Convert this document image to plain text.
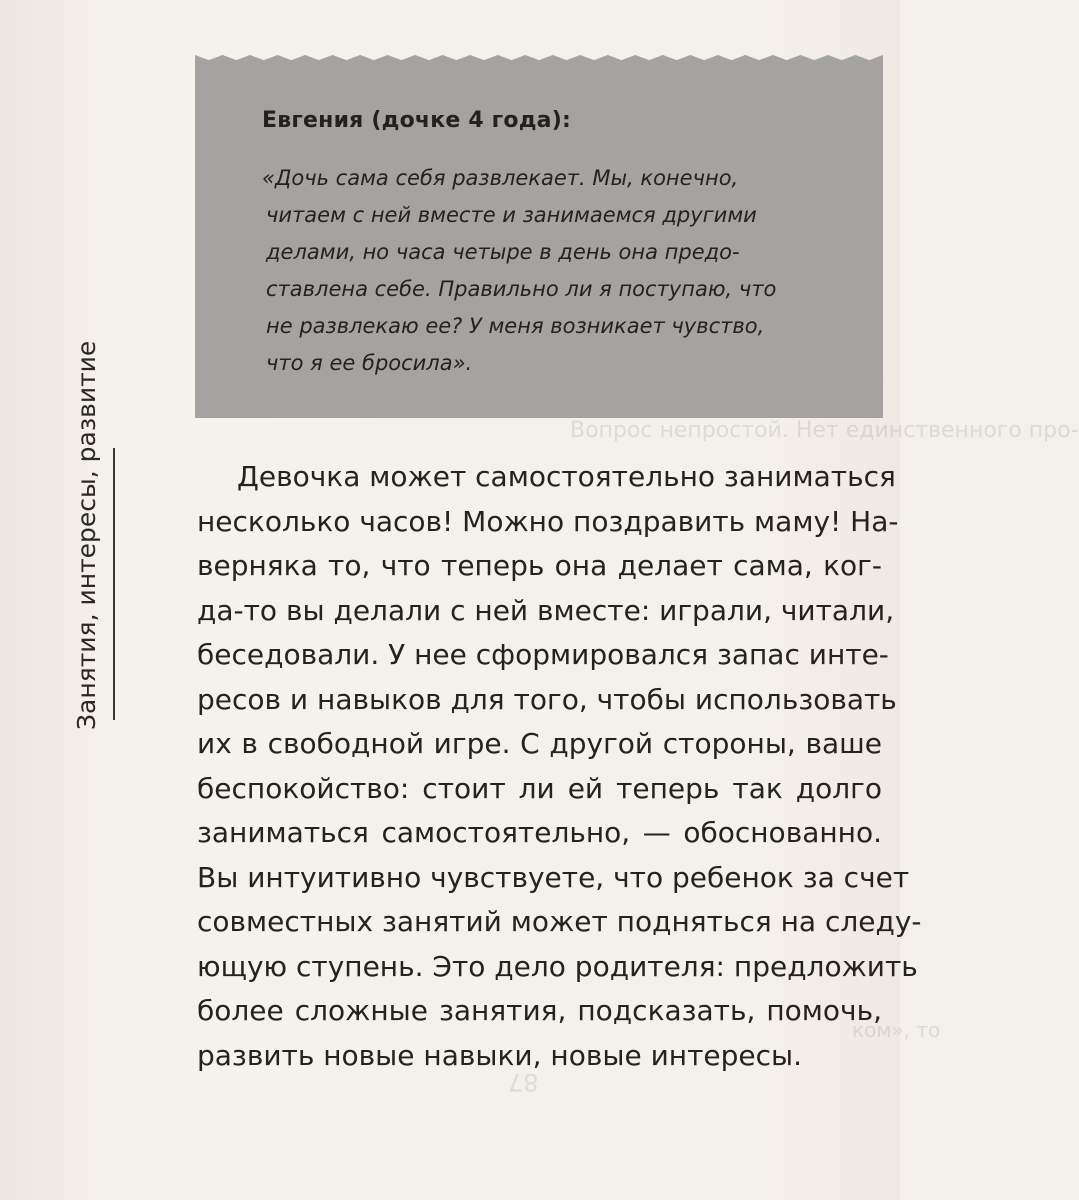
Евгения (дочке 4 года):
«Дочь сама себя развлекает. Мы, конечно,
читаем с ней вместе и занимаемся другими
делами, но часа четыре в день она предо-
ставлена себе. Правильно ли я поступаю, что
не развлекаю ее? У меня возникает чувство,
что я ее бросила».
Вопрос непростой. Нет единственного про-
Девочка может самостоятельно заниматься
несколько часов! Можно поздравить маму! На-
верняка то, что теперь она делает сама, ког-
да-то вы делали с ней вместе: играли, читали,
беседовали. У нее сформировался запас инте-
ресов и навыков для того, чтобы использовать
их в свободной игре. С другой стороны, ваше
беспокойство: стоит ли ей теперь так долго
заниматься самостоятельно, — обоснованно.
Вы интуитивно чувствуете, что ребенок за счет
совместных занятий может подняться на следу-
ющую ступень. Это дело родителя: предложить
более сложные занятия, подсказать, помочь,
развить новые навыки, новые интересы.
ком», то
87
Занятия, интересы, развитие
